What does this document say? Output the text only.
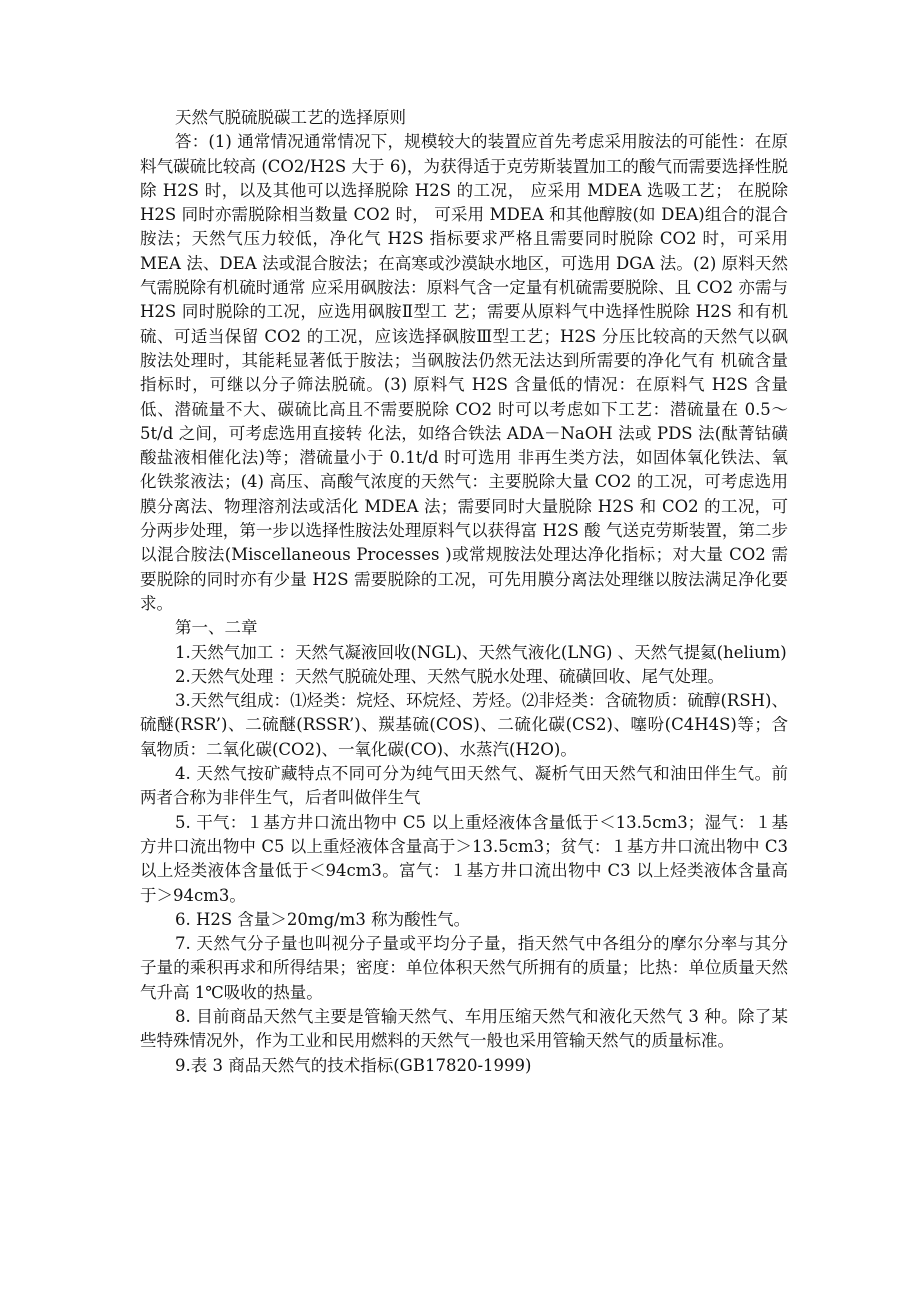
天然气脱硫脱碳工艺的选择原则

答：(1) 通常情况通常情况下，规模较大的装置应首先考虑采用胺法的可能性：在原料气碳硫比较高 (CO2/H2S 大于 6)，为获得适于克劳斯装置加工的酸气而需要选择性脱除 H2S 时，以及其他可以选择脱除 H2S 的工况， 应采用 MDEA 选吸工艺； 在脱除 H2S 同时亦需脱除相当数量 CO2 时， 可采用 MDEA 和其他醇胺(如 DEA)组合的混合胺法；天然气压力较低，净化气 H2S 指标要求严格且需要同时脱除 CO2 时，可采用 MEA 法、DEA 法或混合胺法；在高寒或沙漠缺水地区，可选用 DGA 法。(2) 原料天然气需脱除有机硫时通常 应采用砜胺法：原料气含一定量有机硫需要脱除、且 CO2 亦需与 H2S 同时脱除的工况，应选用砜胺Ⅱ型工 艺；需要从原料气中选择性脱除 H2S 和有机硫、可适当保留 CO2 的工况，应该选择砜胺Ⅲ型工艺；H2S 分压比较高的天然气以砜胺法处理时，其能耗显著低于胺法；当砜胺法仍然无法达到所需要的净化气有 机硫含量指标时，可继以分子筛法脱硫。(3) 原料气 H2S 含量低的情况：在原料气 H2S 含量低、潜硫量不大、碳硫比高且不需要脱除 CO2 时可以考虑如下工艺：潜硫量在 0.5～5t/d 之间，可考虑选用直接转 化法，如络合铁法 ADA－NaOH 法或 PDS 法(酞菁钴磺酸盐液相催化法)等；潜硫量小于 0.1t/d 时可选用 非再生类方法，如固体氧化铁法、氧化铁浆液法；(4) 高压、高酸气浓度的天然气：主要脱除大量 CO2 的工况，可考虑选用膜分离法、物理溶剂法或活化 MDEA 法；需要同时大量脱除 H2S 和 CO2 的工况，可分两步处理，第一步以选择性胺法处理原料气以获得富 H2S 酸 气送克劳斯装置，第二步以混合胺法(Miscellaneous Processes )或常规胺法处理达净化指标；对大量 CO2 需要脱除的同时亦有少量 H2S 需要脱除的工况，可先用膜分离法处理继以胺法满足净化要求。

第一、二章

1.天然气加工 ：天然气凝液回收(NGL)、天然气液化(LNG) 、天然气提氦(helium)

2.天然气处理 ：天然气脱硫处理、天然气脱水处理、硫磺回收、尾气处理。

3.天然气组成：⑴烃类：烷烃、环烷烃、芳烃。⑵非烃类：含硫物质：硫醇(RSH)、硫醚(RSR’)、二硫醚(RSSR’)、羰基硫(COS)、二硫化碳(CS2)、噻吩(C4H4S)等；含氧物质：二氧化碳(CO2)、一氧化碳(CO)、水蒸汽(H2O)。

4. 天然气按矿藏特点不同可分为纯气田天然气、凝析气田天然气和油田伴生气。前两者合称为非伴生气，后者叫做伴生气

5. 干气：１基方井口流出物中 C5 以上重烃液体含量低于＜13.5cm3；湿气：１基方井口流出物中 C5 以上重烃液体含量高于＞13.5cm3；贫气：１基方井口流出物中 C3 以上烃类液体含量低于＜94cm3。富气：１基方井口流出物中 C3 以上烃类液体含量高于＞94cm3。

6. H2S 含量＞20mg/m3 称为酸性气。

7. 天然气分子量也叫视分子量或平均分子量，指天然气中各组分的摩尔分率与其分子量的乘积再求和所得结果；密度：单位体积天然气所拥有的质量；比热：单位质量天然气升高 1℃吸收的热量。

8. 目前商品天然气主要是管输天然气、车用压缩天然气和液化天然气 3 种。除了某些特殊情况外，作为工业和民用燃料的天然气一般也采用管输天然气的质量标准。

9.表 3 商品天然气的技术指标(GB17820-1999)
